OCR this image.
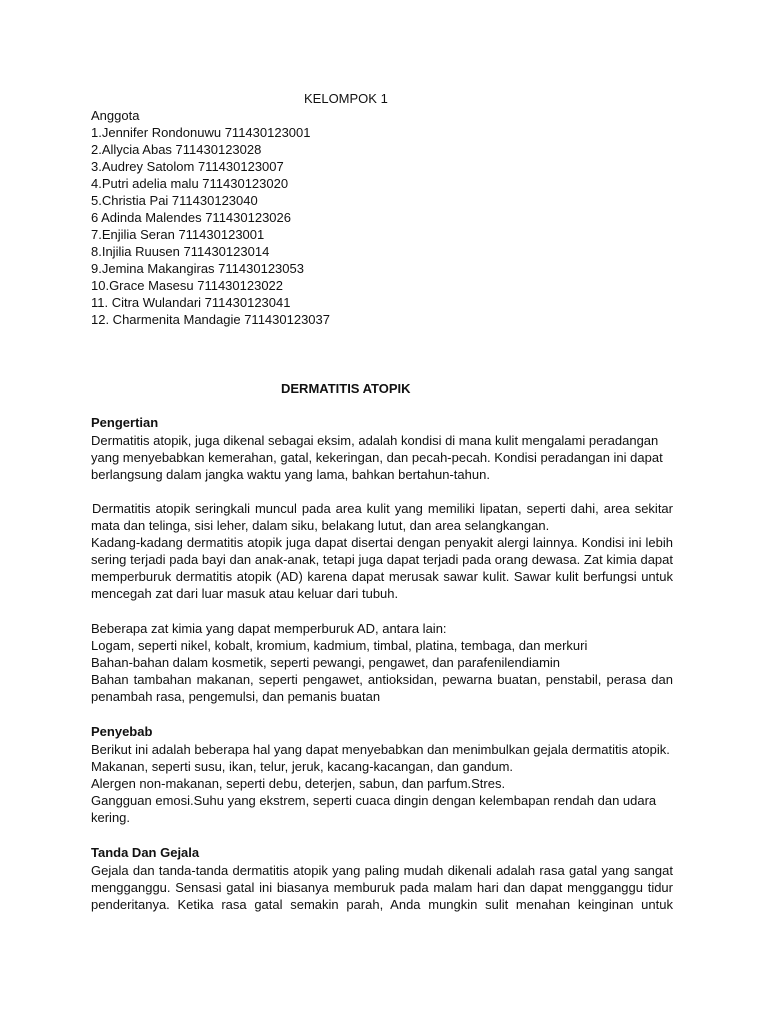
KELOMPOK 1
Anggota
1.Jennifer Rondonuwu 711430123001
2.Allycia Abas 711430123028
3.Audrey Satolom 711430123007
4.Putri adelia malu 711430123020
5.Christia Pai 711430123040
6 Adinda Malendes 711430123026
7.Enjilia Seran 711430123001
8.Injilia Ruusen 711430123014
9.Jemina Makangiras 711430123053
10.Grace Masesu 711430123022
11. Citra Wulandari 711430123041
12. Charmenita Mandagie 711430123037
DERMATITIS ATOPIK
Pengertian
Dermatitis atopik, juga dikenal sebagai eksim, adalah kondisi di mana kulit mengalami peradangan
yang menyebabkan kemerahan, gatal, kekeringan, dan pecah-pecah. Kondisi peradangan ini dapat
berlangsung dalam jangka waktu yang lama, bahkan bertahun-tahun.
Dermatitis atopik seringkali muncul pada area kulit yang memiliki lipatan, seperti dahi, area sekitar
mata dan telinga, sisi leher, dalam siku, belakang lutut, dan area selangkangan.
Kadang-kadang dermatitis atopik juga dapat disertai dengan penyakit alergi lainnya. Kondisi ini lebih
sering terjadi pada bayi dan anak-anak, tetapi juga dapat terjadi pada orang dewasa. Zat kimia dapat
memperburuk dermatitis atopik (AD) karena dapat merusak sawar kulit. Sawar kulit berfungsi untuk
mencegah zat dari luar masuk atau keluar dari tubuh.
Beberapa zat kimia yang dapat memperburuk AD, antara lain:
Logam, seperti nikel, kobalt, kromium, kadmium, timbal, platina, tembaga, dan merkuri
Bahan-bahan dalam kosmetik, seperti pewangi, pengawet, dan parafenilendiamin
Bahan tambahan makanan, seperti pengawet, antioksidan, pewarna buatan, penstabil, perasa dan
penambah rasa, pengemulsi, dan pemanis buatan
Penyebab
Berikut ini adalah beberapa hal yang dapat menyebabkan dan menimbulkan gejala dermatitis atopik.
Makanan, seperti susu, ikan, telur, jeruk, kacang-kacangan, dan gandum.
Alergen non-makanan, seperti debu, deterjen, sabun, dan parfum.Stres.
Gangguan emosi.Suhu yang ekstrem, seperti cuaca dingin dengan kelembapan rendah dan udara
kering.
Tanda Dan Gejala
Gejala dan tanda-tanda dermatitis atopik yang paling mudah dikenali adalah rasa gatal yang sangat
mengganggu. Sensasi gatal ini biasanya memburuk pada malam hari dan dapat mengganggu tidur
penderitanya. Ketika rasa gatal semakin parah, Anda mungkin sulit menahan keinginan untuk
